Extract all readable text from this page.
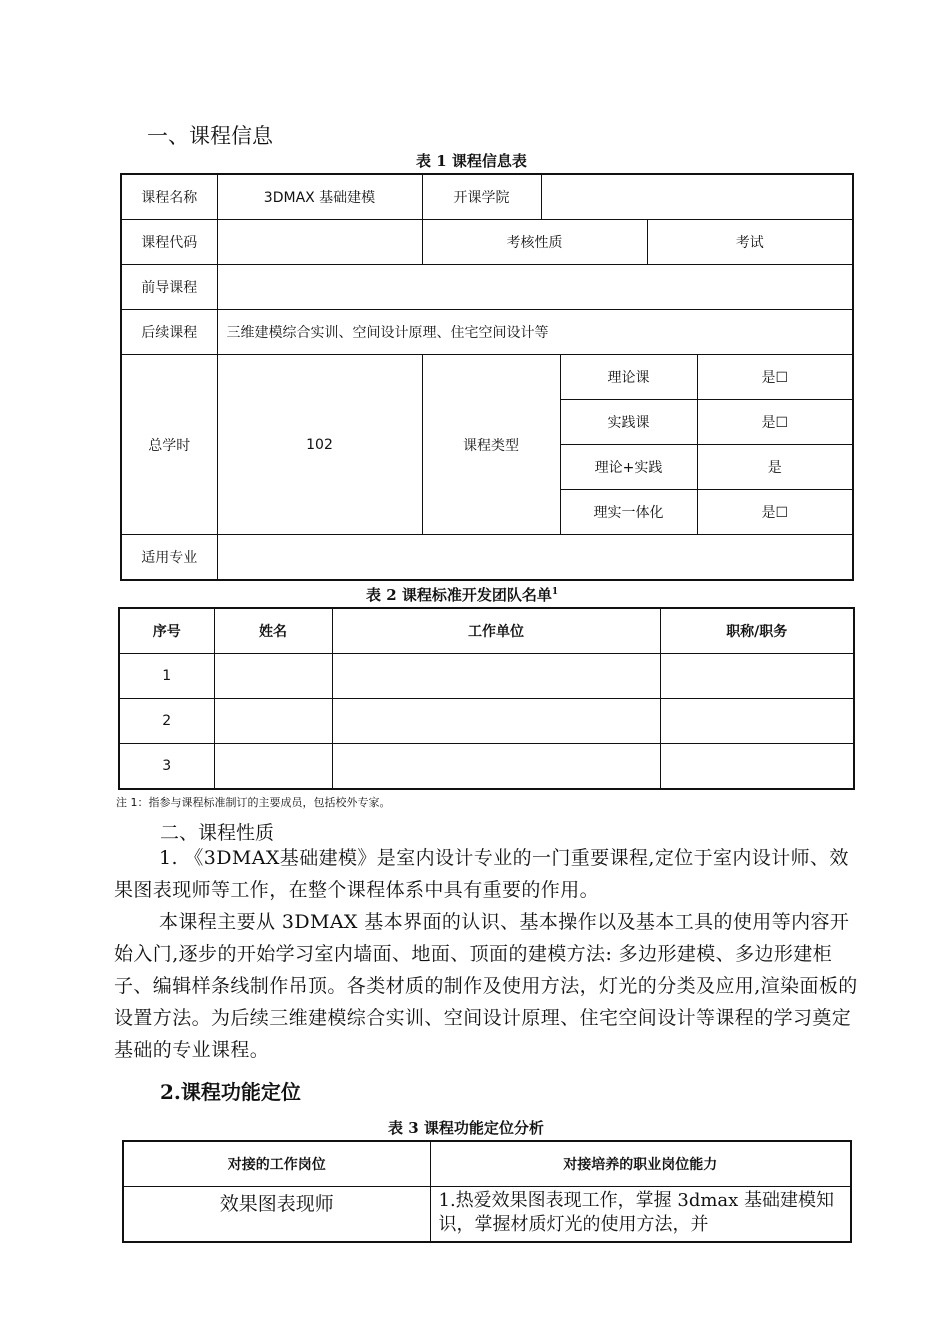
一、课程信息
表 1 课程信息表
课程名称	3DMAX 基础建模	开课学院				
课程代码		考核性质			考试	
前导课程						
后续课程	三维建模综合实训、空间设计原理、住宅空间设计等					
总学时	102	课程类型		理论课		是☐
				实践课		是☐
				理论+实践		是
				理实一体化		是☐
适用专业						
表 2 课程标准开发团队名单$^1$
序号	姓名	工作单位	职称/职务
1			
2			
3			
注 1：指参与课程标准制订的主要成员，包括校外专家。
二、课程性质
1. 《3DMAX基础建模》是室内设计专业的一门重要课程,定位于室内设计师、效果图表现师等工作，在整个课程体系中具有重要的作用。
本课程主要从 3DMAX 基本界面的认识、基本操作以及基本工具的使用等内容开始入门,逐步的开始学习室内墙面、地面、顶面的建模方法: 多边形建模、多边形建柜子、编辑样条线制作吊顶。各类材质的制作及使用方法，灯光的分类及应用,渲染面板的设置方法。为后续三维建模综合实训、空间设计原理、住宅空间设计等课程的学习奠定基础的专业课程。
2.课程功能定位
表 3 课程功能定位分析
对接的工作岗位	对接培养的职业岗位能力
效果图表现师	1.热爱效果图表现工作，掌握 3dmax 基础建模知识，掌握材质灯光的使用方法，并
